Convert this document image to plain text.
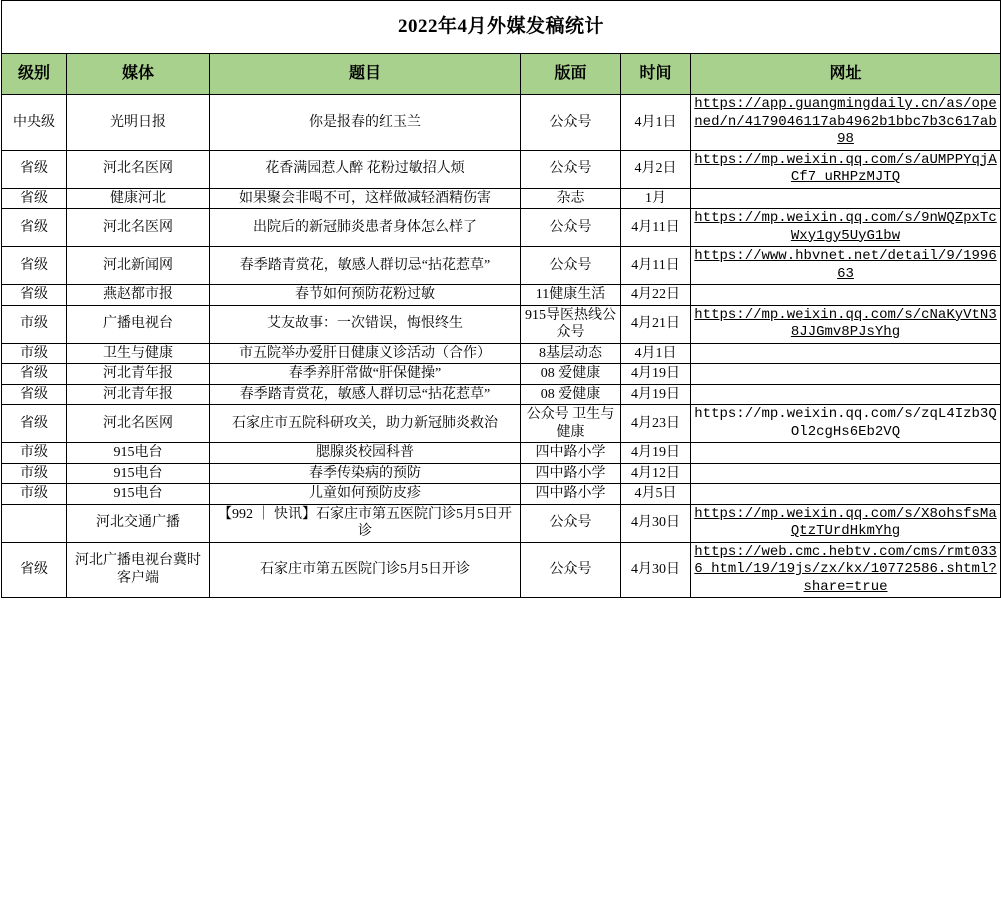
2022年4月外媒发稿统计					
级别	媒体	题目	版面	时间	网址
中央级	光明日报	你是报春的红玉兰	公众号	4月1日	https://app.guangmingdaily.cn/as/opened/n/4179046117ab4962b1bbc7b3c617ab98
省级	河北名医网	花香满园惹人醉 花粉过敏招人烦	公众号	4月2日	https://mp.weixin.qq.com/s/aUMPPYqjACf7_uRHPzMJTQ
省级	健康河北	如果聚会非喝不可，这样做减轻酒精伤害	杂志	1月	
省级	河北名医网	出院后的新冠肺炎患者身体怎么样了	公众号	4月11日	https://mp.weixin.qq.com/s/9nWQZpxTcWxy1gy5UyG1bw
省级	河北新闻网	春季踏青赏花，敏感人群切忌“拈花惹草”	公众号	4月11日	https://www.hbvnet.net/detail/9/199663
省级	燕赵都市报	春节如何预防花粉过敏	11健康生活	4月22日	
市级	广播电视台	艾友故事：一次错误，悔恨终生	915导医热线公众号	4月21日	https://mp.weixin.qq.com/s/cNaKyVtN38JJGmv8PJsYhg
市级	卫生与健康	市五院举办爱肝日健康义诊活动（合作）	8基层动态	4月1日	
省级	河北青年报	春季养肝常做“肝保健操”	08 爱健康	4月19日	
省级	河北青年报	春季踏青赏花，敏感人群切忌“拈花惹草”	08 爱健康	4月19日	
省级	河北名医网	石家庄市五院科研攻关，助力新冠肺炎救治	公众号 卫生与健康	4月23日	https://mp.weixin.qq.com/s/zqL4Izb3QOl2cgHs6Eb2VQ
市级	915电台	腮腺炎校园科普	四中路小学	4月19日	
市级	915电台	春季传染病的预防	四中路小学	4月12日	
市级	915电台	儿童如何预防皮疹	四中路小学	4月5日	
	河北交通广播	【992 ｜ 快讯】石家庄市第五医院门诊5月5日开诊	公众号	4月30日	https://mp.weixin.qq.com/s/X8ohsfsMaQtzTUrdHkmYhg
省级	河北广播电视台冀时客户端	石家庄市第五医院门诊5月5日开诊	公众号	4月30日	https://web.cmc.hebtv.com/cms/rmt0336_html/19/19js/zx/kx/10772586.shtml?share=true
